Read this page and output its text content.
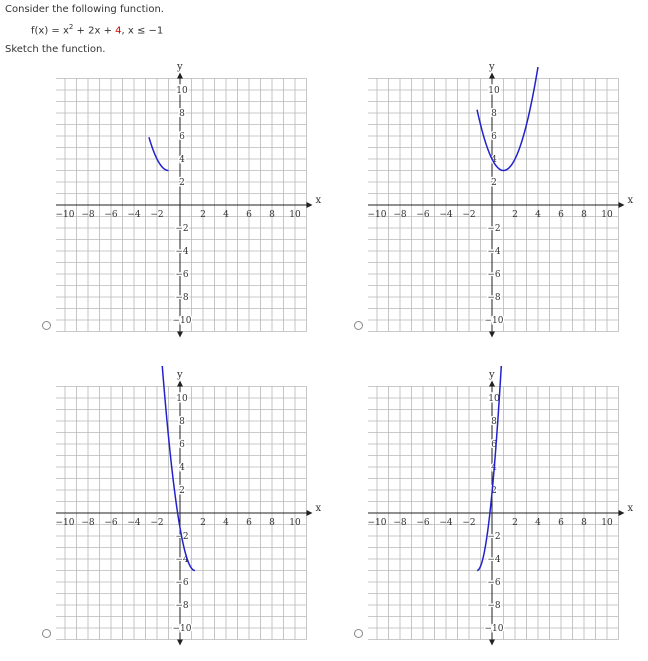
Consider the following function.
$f(x) = x^2 + 2x + 4$, x ≤ −1
Sketch the function.
x
y
−10 −8 −6 −4 −2	2 4 6 8 10
10
8
6
4
2
−2
−4
−6
−8
−10
x
y
−10 −8 −6 −4 −2	2 4 6 8 10
10
8
6
4
2
−2
−4
−6
−8
−10
x
y
−10 −8 −6 −4 −2	2 4 6 8 10
10
8
6
4
2
−2
−4
−6
−8
−10
x
y
−10 −8 −6 −4 −2	2 4 6 8 10
10
8
6
4
2
−2
−4
−6
−8
−10
